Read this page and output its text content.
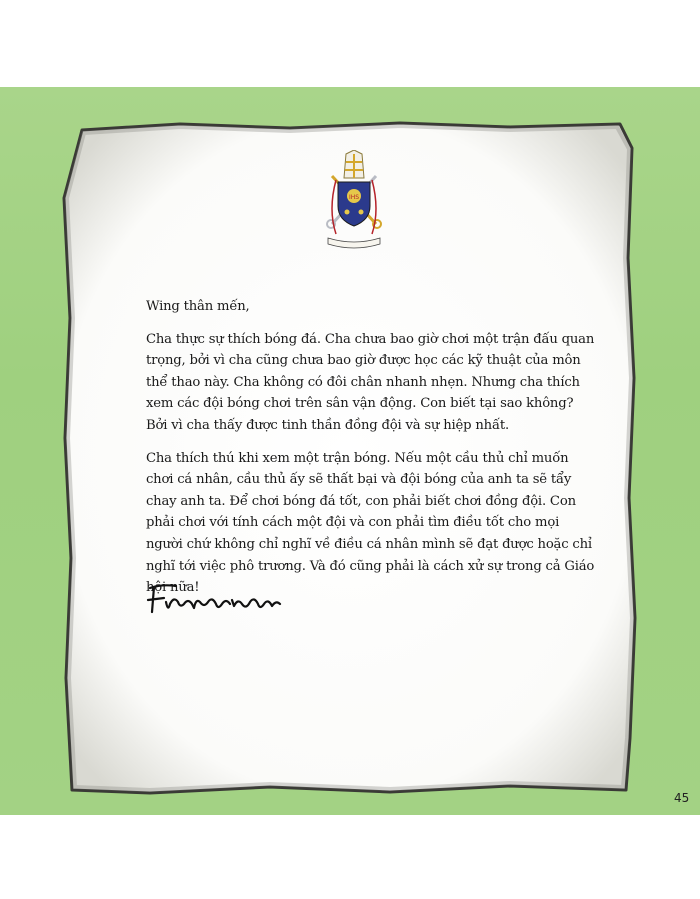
IHS

Wing thân mến,

Cha thực sự thích bóng đá. Cha chưa bao giờ chơi một trận đấu quan trọng, bởi vì cha cũng chưa bao giờ được học các kỹ thuật của môn thể thao này. Cha không có đôi chân nhanh nhẹn. Nhưng cha thích xem các đội bóng chơi trên sân vận động. Con biết tại sao không? Bởi vì cha thấy được tinh thần đồng đội và sự hiệp nhất.

Cha thích thú khi xem một trận bóng. Nếu một cầu thủ chỉ muốn chơi cá nhân, cầu thủ ấy sẽ thất bại và đội bóng của anh ta sẽ tẩy chay anh ta. Để chơi bóng đá tốt, con phải biết chơi đồng đội. Con phải chơi với tính cách một đội và con phải tìm điều tốt cho mọi người chứ không chỉ nghĩ về điều cá nhân mình sẽ đạt được hoặc chỉ nghĩ tới việc phô trương. Và đó cũng phải là cách xử sự trong cả Giáo hội nữa!

45
